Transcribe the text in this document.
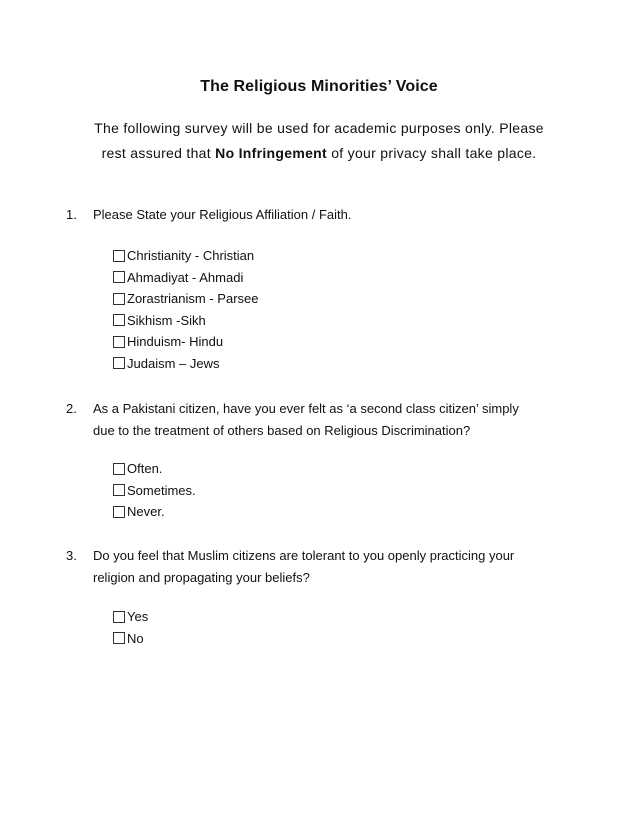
The Religious Minorities’ Voice
The following survey will be used for academic purposes only. Please
rest assured that No Infringement of your privacy shall take place.
1.	Please State your Religious Affiliation / Faith.
Christianity - Christian
Ahmadiyat - Ahmadi
Zorastrianism - Parsee
Sikhism -Sikh
Hinduism- Hindu
Judaism – Jews
2.	As a Pakistani citizen, have you ever felt as ‘a second class citizen’ simply
due to the treatment of others based on Religious Discrimination?
Often.
Sometimes.
Never.
3.	Do you feel that Muslim citizens are tolerant to you openly practicing your
religion and propagating your beliefs?
Yes
No
